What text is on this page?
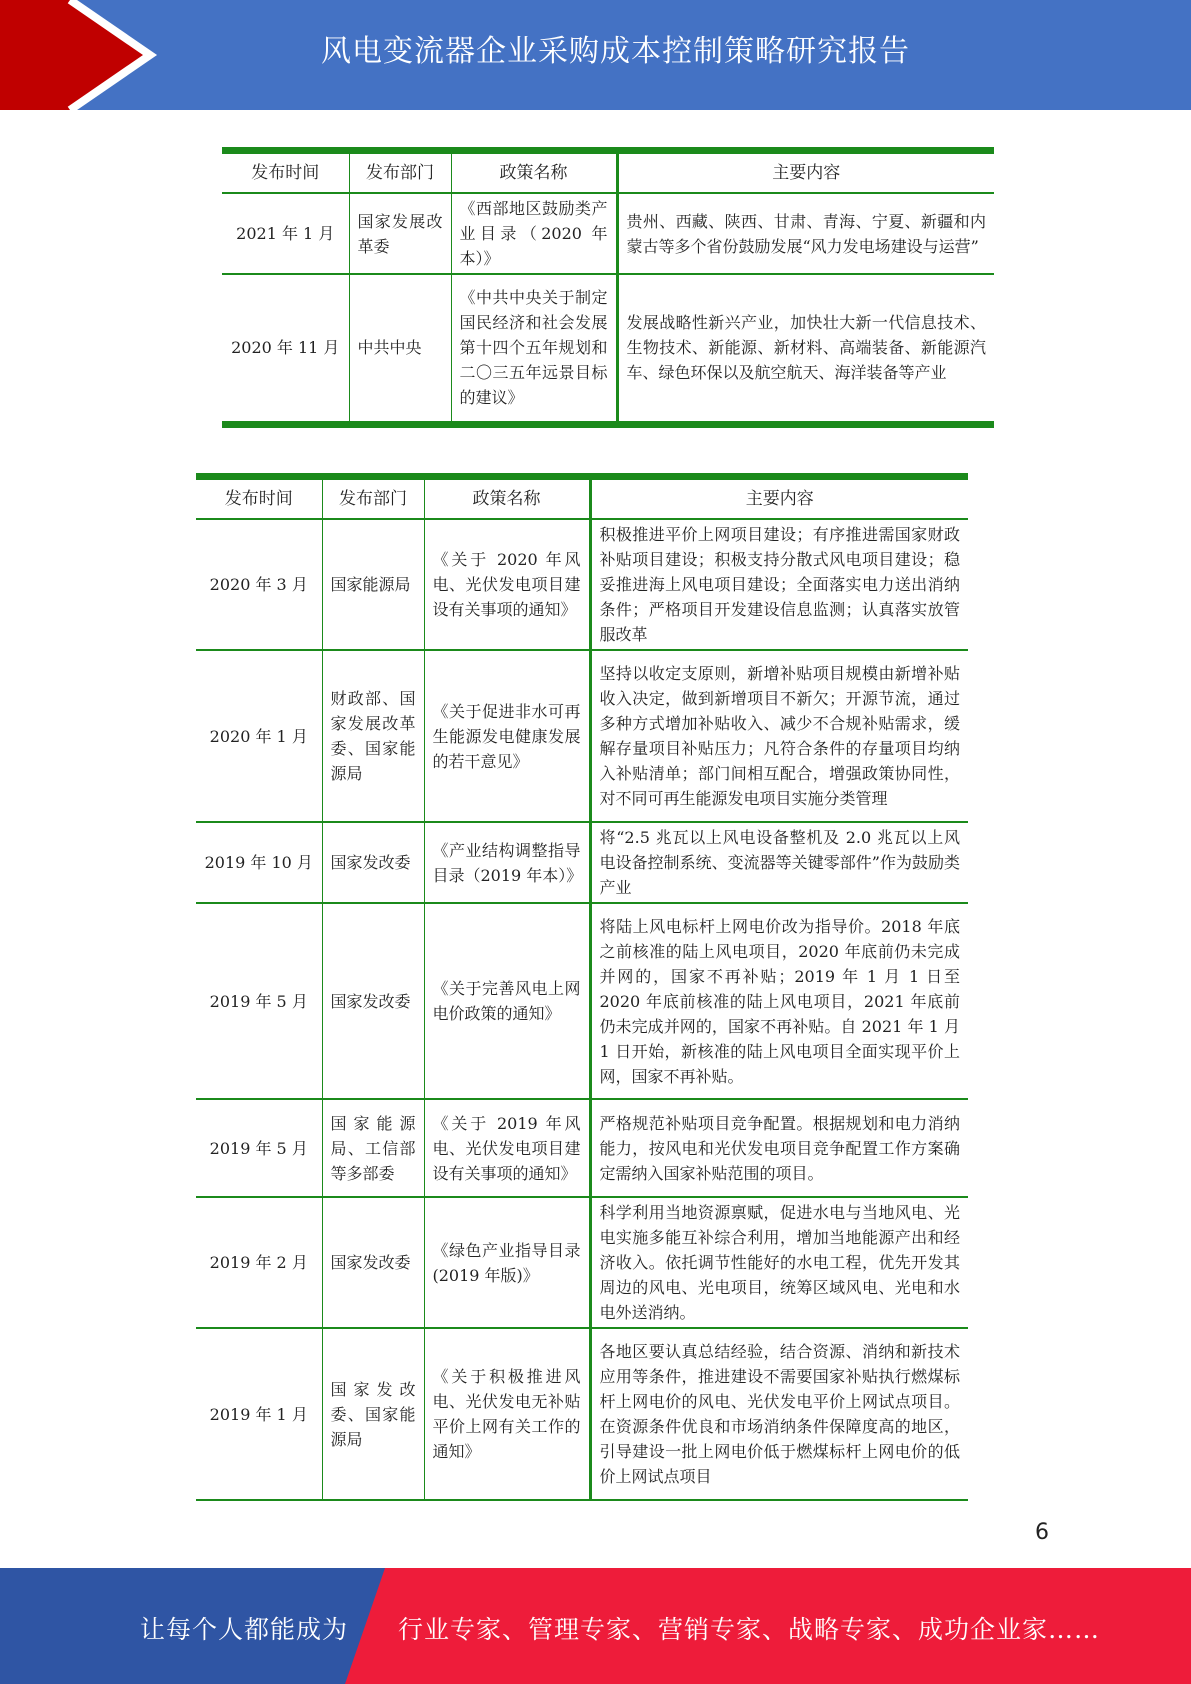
风电变流器企业采购成本控制策略研究报告
发布时间	发布部门	政策名称	主要内容
2021 年 1 月	国家发展改革委	《西部地区鼓励类产业目录（2020 年本）》	贵州、西藏、陕西、甘肃、青海、宁夏、新疆和内蒙古等多个省份鼓励发展“风力发电场建设与运营”
2020 年 11 月	中共中央	《中共中央关于制定国民经济和社会发展第十四个五年规划和二〇三五年远景目标的建议》	发展战略性新兴产业，加快壮大新一代信息技术、生物技术、新能源、新材料、高端装备、新能源汽车、绿色环保以及航空航天、海洋装备等产业
发布时间	发布部门	政策名称	主要内容
2020 年 3 月	国家能源局	《关于 2020 年风电、光伏发电项目建设有关事项的通知》	积极推进平价上网项目建设；有序推进需国家财政补贴项目建设；积极支持分散式风电项目建设；稳妥推进海上风电项目建设；全面落实电力送出消纳条件；严格项目开发建设信息监测；认真落实放管服改革
2020 年 1 月	财政部、国家发展改革委、国家能源局	《关于促进非水可再生能源发电健康发展的若干意见》	坚持以收定支原则，新增补贴项目规模由新增补贴收入决定，做到新增项目不新欠；开源节流，通过多种方式增加补贴收入、减少不合规补贴需求，缓解存量项目补贴压力；凡符合条件的存量项目均纳入补贴清单；部门间相互配合，增强政策协同性，对不同可再生能源发电项目实施分类管理
2019 年 10 月	国家发改委	《产业结构调整指导目录（2019 年本）》	将“2.5 兆瓦以上风电设备整机及 2.0 兆瓦以上风电设备控制系统、变流器等关键零部件”作为鼓励类产业
2019 年 5 月	国家发改委	《关于完善风电上网电价政策的通知》	将陆上风电标杆上网电价改为指导价。2018 年底之前核准的陆上风电项目，2020 年底前仍未完成并网的，国家不再补贴；2019 年 1 月 1 日至 2020 年底前核准的陆上风电项目，2021 年底前仍未完成并网的，国家不再补贴。自 2021 年 1 月 1 日开始，新核准的陆上风电项目全面实现平价上网，国家不再补贴。
2019 年 5 月	国家能源局、工信部等多部委	《关于 2019 年风电、光伏发电项目建设有关事项的通知》	严格规范补贴项目竞争配置。根据规划和电力消纳能力，按风电和光伏发电项目竞争配置工作方案确定需纳入国家补贴范围的项目。
2019 年 2 月	国家发改委	《绿色产业指导目录(2019 年版)》	科学利用当地资源禀赋，促进水电与当地风电、光电实施多能互补综合利用，增加当地能源产出和经济收入。依托调节性能好的水电工程，优先开发其周边的风电、光电项目，统筹区域风电、光电和水电外送消纳。
2019 年 1 月	国家发改委、国家能源局	《关于积极推进风电、光伏发电无补贴平价上网有关工作的通知》	各地区要认真总结经验，结合资源、消纳和新技术应用等条件，推进建设不需要国家补贴执行燃煤标杆上网电价的风电、光伏发电平价上网试点项目。在资源条件优良和市场消纳条件保障度高的地区，引导建设一批上网电价低于燃煤标杆上网电价的低价上网试点项目
6
让每个人都能成为 行业专家、管理专家、营销专家、战略专家、成功企业家……
